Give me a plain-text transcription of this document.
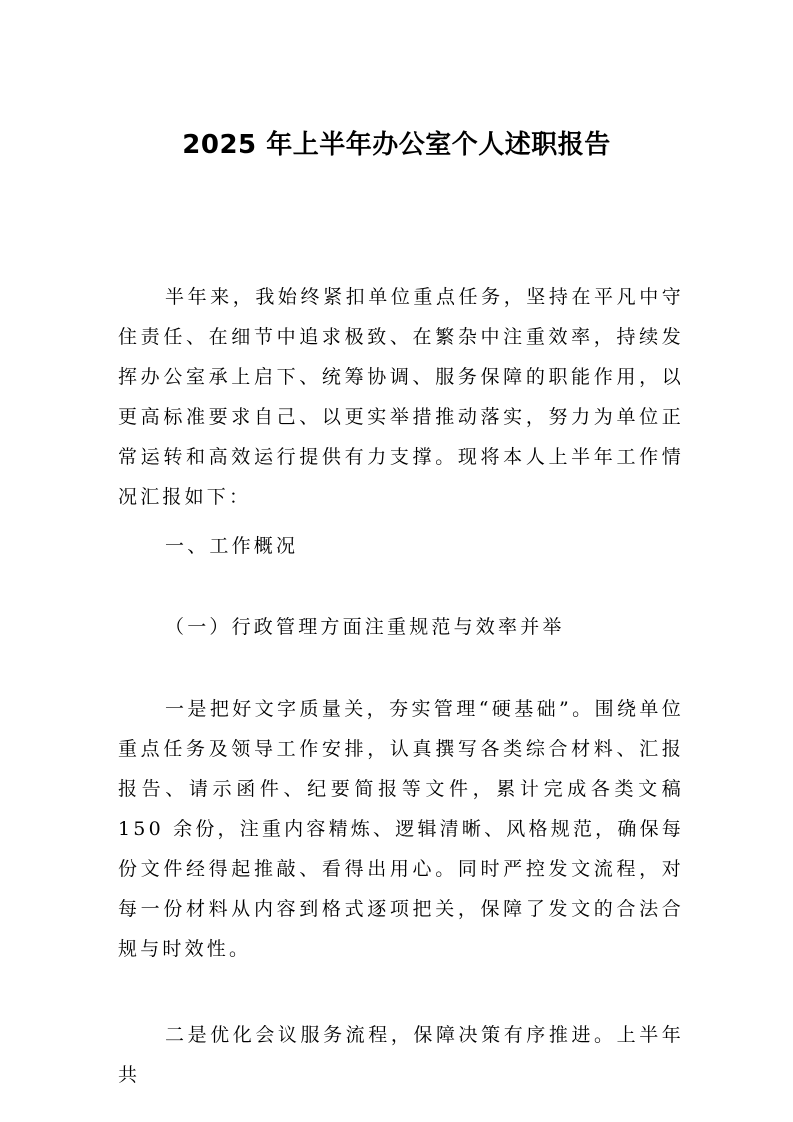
2025 年上半年办公室个人述职报告

半年来，我始终紧扣单位重点任务，坚持在平凡中守住责任、在细节中追求极致、在繁杂中注重效率，持续发挥办公室承上启下、统筹协调、服务保障的职能作用，以更高标准要求自己、以更实举措推动落实，努力为单位正常运转和高效运行提供有力支撑。现将本人上半年工作情况汇报如下：

一、工作概况

（一）行政管理方面注重规范与效率并举

一是把好文字质量关，夯实管理“硬基础”。围绕单位重点任务及领导工作安排，认真撰写各类综合材料、汇报报告、请示函件、纪要简报等文件，累计完成各类文稿 150 余份，注重内容精炼、逻辑清晰、风格规范，确保每份文件经得起推敲、看得出用心。同时严控发文流程，对每一份材料从内容到格式逐项把关，保障了发文的合法合规与时效性。

二是优化会议服务流程，保障决策有序推进。上半年共
